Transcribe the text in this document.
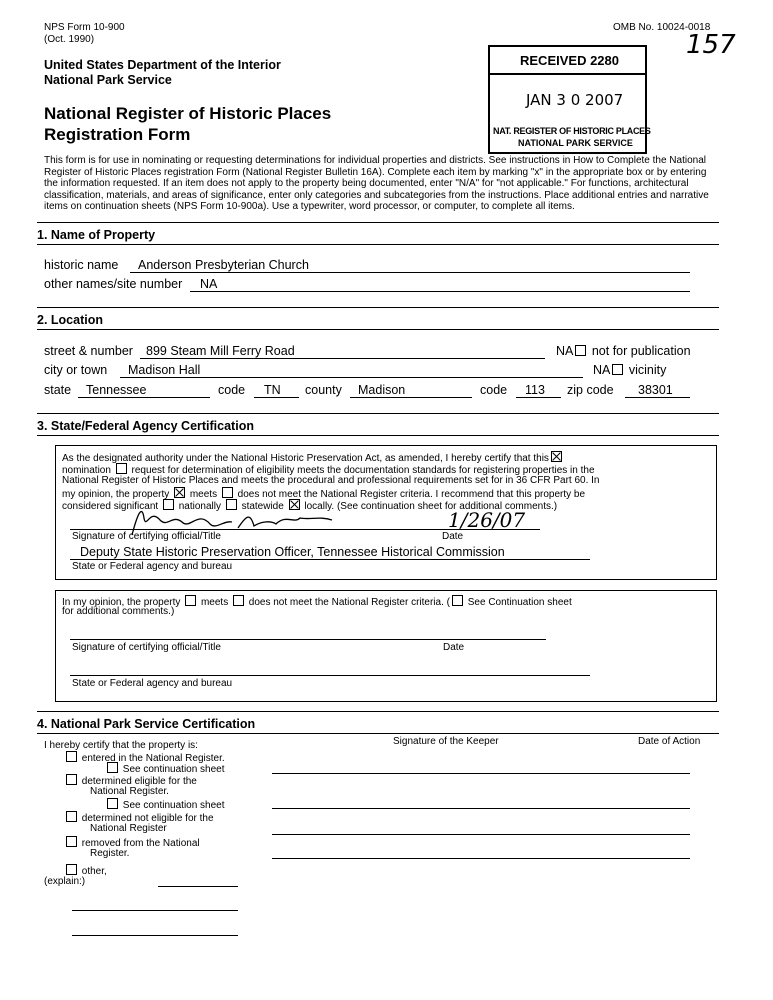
NPS Form 10-900
(Oct. 1990)
OMB No. 10024-0018
157
United States Department of the Interior
National Park Service
National Register of Historic Places
Registration Form
RECEIVED 2280
JAN 3 0 2007
NAT. REGISTER OF HISTORIC PLACES
NATIONAL PARK SERVICE
This form is for use in nominating or requesting determinations for individual properties and districts. See instructions in How to Complete the National Register of Historic Places registration Form (National Register Bulletin 16A). Complete each item by marking "x" in the appropriate box or by entering the information requested. If an item does not apply to the property being documented, enter "N/A" for "not applicable." For functions, architectural classification, materials, and areas of significance, enter only categories and subcategories from the instructions. Place additional entries and narrative items on continuation sheets (NPS Form 10-900a). Use a typewriter, word processor, or computer, to complete all items.
1. Name of Property
historic name Anderson Presbyterian Church
other names/site number NA
2. Location
street & number 899 Steam Mill Ferry Road	NA not for publication
city or town Madison Hall	NA vicinity
state Tennessee	code TN county Madison	code 113 zip code 38301
3. State/Federal Agency Certification
As the designated authority under the National Historic Preservation Act, as amended, I hereby certify that this
nomination request for determination of eligibility meets the documentation standards for registering properties in the
National Register of Historic Places and meets the procedural and professional requirements set for in 36 CFR Part 60. In
my opinion, the property meets does not meet the National Register criteria. I recommend that this property be
considered significant nationally statewide locally. (See continuation sheet for additional comments.)
1/26/07
Signature of certifying official/Title	Date
Deputy State Historic Preservation Officer, Tennessee Historical Commission
State or Federal agency and bureau
In my opinion, the property meets does not meet the National Register criteria. ( See Continuation sheet
for additional comments.)
Signature of certifying official/Title	Date
State or Federal agency and bureau
4. National Park Service Certification
I hereby certify that the property is:	Signature of the Keeper	Date of Action
entered in the National Register.
See continuation sheet
determined eligible for the
National Register.
See continuation sheet
determined not eligible for the
National Register
removed from the National
Register.
other,
(explain:)
